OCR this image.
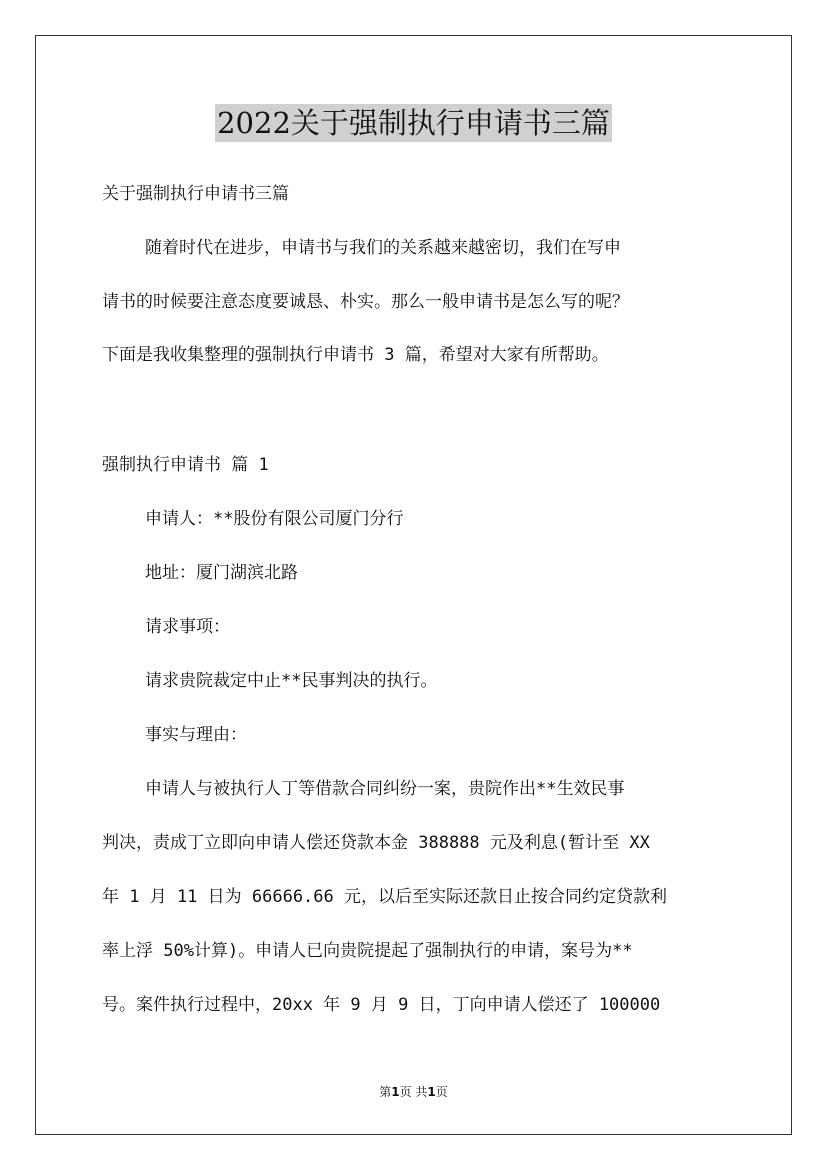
2022关于强制执行申请书三篇
关于强制执行申请书三篇
随着时代在进步，申请书与我们的关系越来越密切，我们在写申
请书的时候要注意态度要诚恳、朴实。那么一般申请书是怎么写的呢？
下面是我收集整理的强制执行申请书 3 篇，希望对大家有所帮助。
强制执行申请书 篇 1
申请人：**股份有限公司厦门分行
地址：厦门湖滨北路
请求事项：
请求贵院裁定中止**民事判决的执行。
事实与理由：
申请人与被执行人丁等借款合同纠纷一案，贵院作出**生效民事
判决，责成丁立即向申请人偿还贷款本金 388888 元及利息(暂计至 XX
年 1 月 11 日为 66666.66 元，以后至实际还款日止按合同约定贷款利
率上浮 50%计算)。申请人已向贵院提起了强制执行的申请，案号为**
号。案件执行过程中，20xx 年 9 月 9 日，丁向申请人偿还了 100000
第1页 共1页
